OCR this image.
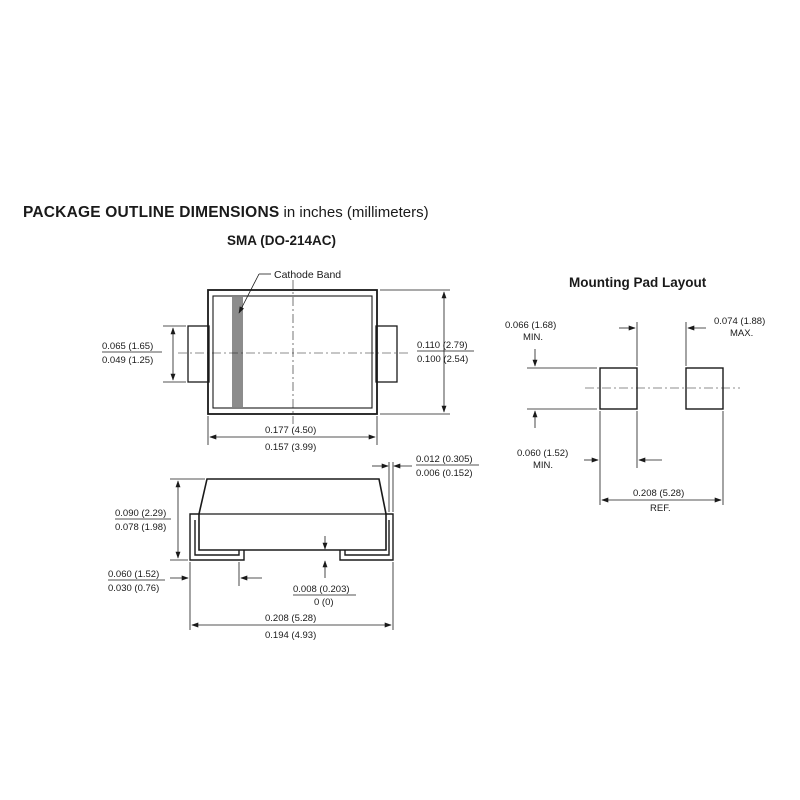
PACKAGE OUTLINE DIMENSIONS in inches (millimeters)
SMA (DO-214AC)
Mounting Pad Layout
Cathode Band
0.065 (1.65)
0.049 (1.25)
0.110 (2.79)
0.100 (2.54)
0.177 (4.50)
0.157 (3.99)
0.012 (0.305)
0.006 (0.152)
0.090 (2.29)
0.078 (1.98)
0.060 (1.52)
0.030 (0.76)	0.008 (0.203)
0 (0)
0.208 (5.28)
0.194 (4.93)
0.066 (1.68)
MIN.
0.074 (1.88)
MAX.
0.060 (1.52)
MIN.
0.208 (5.28)
REF.
